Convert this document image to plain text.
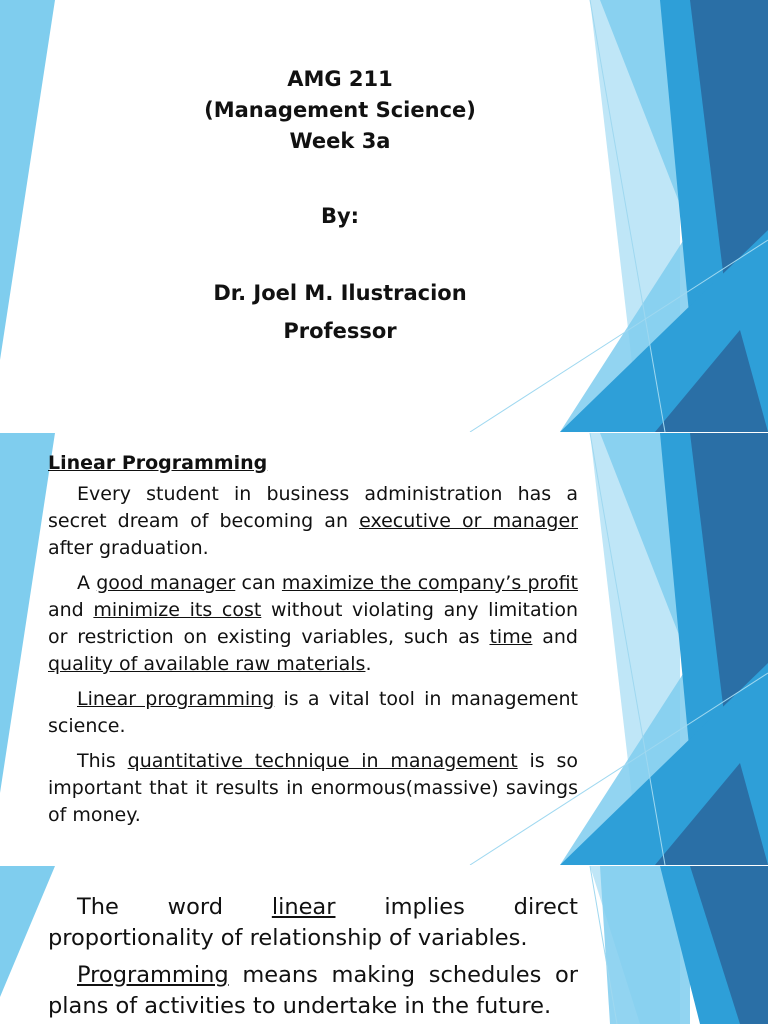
AMG 211
(Management Science)
Week 3a
By:
Dr. Joel M. Ilustracion
Professor
Linear Programming

Every student in business administration has a secret dream of becoming an executive or manager after graduation.

A good manager can maximize the company’s profit and minimize its cost without violating any limitation or restriction on existing variables, such as time and quality of available raw materials.

Linear programming is a vital tool in management science.

This quantitative technique in management is so important that it results in enormous(massive) savings of money.

The word linear implies direct proportionality of relationship of variables.

Programming means making schedules or plans of activities to undertake in the future.
